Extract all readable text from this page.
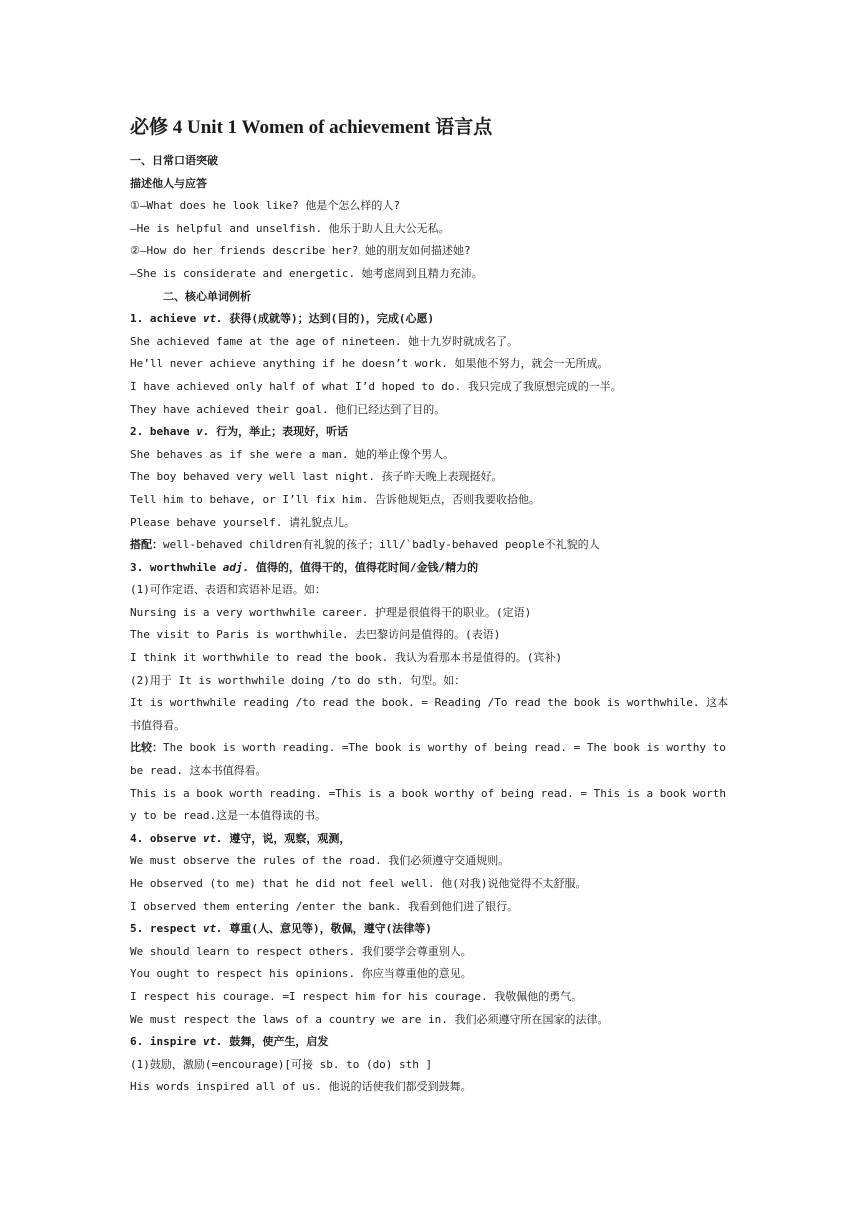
必修 4 Unit 1 Women of achievement 语言点

一、日常口语突破

描述他人与应答

①—What does he look like? 他是个怎么样的人?

—He is helpful and unselfish. 他乐于助人且大公无私。

②—How do her friends describe her? 她的朋友如何描述她?

—She is considerate and energetic. 她考虑周到且精力充沛。

二、核心单词例析

1. achieve vt. 获得(成就等)；达到(目的)，完成(心愿)

She achieved fame at the age of nineteen. 她十九岁时就成名了。

He’ll never achieve anything if he doesn’t work. 如果他不努力，就会一无所成。

I have achieved only half of what I’d hoped to do. 我只完成了我原想完成的一半。

They have achieved their goal. 他们已经达到了目的。

2. behave v. 行为，举止；表现好，听话

She behaves as if she were a man. 她的举止像个男人。

The boy behaved very well last night. 孩子昨天晚上表现挺好。

Tell him to behave, or I’ll fix him. 告诉他规矩点，否则我要收拾他。

Please behave yourself. 请礼貌点儿。

搭配：well-behaved children有礼貌的孩子；ill/`badly-behaved people不礼貌的人

3. worthwhile adj. 值得的，值得干的，值得花时间/金钱/精力的

(1)可作定语、表语和宾语补足语。如：

Nursing is a very worthwhile career. 护理是很值得干的职业。(定语)

The visit to Paris is worthwhile. 去巴黎访问是值得的。(表语)

I think it worthwhile to read the book. 我认为看那本书是值得的。(宾补)

(2)用于 It is worthwhile doing /to do sth. 句型。如：

It is worthwhile reading /to read the book. = Reading /To read the book is worthwhile. 这本书值得看。

比较：The book is worth reading. =The book is worthy of being read. = The book is worthy to be read. 这本书值得看。

This is a book worth reading. =This is a book worthy of being read. = This is a book worthy to be read.这是一本值得读的书。

4. observe vt. 遵守，说，观察，观测，

We must observe the rules of the road. 我们必须遵守交通规则。

He observed (to me) that he did not feel well. 他(对我)说他觉得不太舒服。

I observed them entering /enter the bank. 我看到他们进了银行。

5. respect vt. 尊重(人、意见等)，敬佩，遵守(法律等)

We should learn to respect others. 我们要学会尊重别人。

You ought to respect his opinions. 你应当尊重他的意见。

I respect his courage. =I respect him for his courage. 我敬佩他的勇气。

We must respect the laws of a country we are in. 我们必须遵守所在国家的法律。

6. inspire vt. 鼓舞，使产生，启发

(1)鼓励，激励(=encourage)[可接 sb. to (do) sth ]

His words inspired all of us. 他说的话使我们都受到鼓舞。
